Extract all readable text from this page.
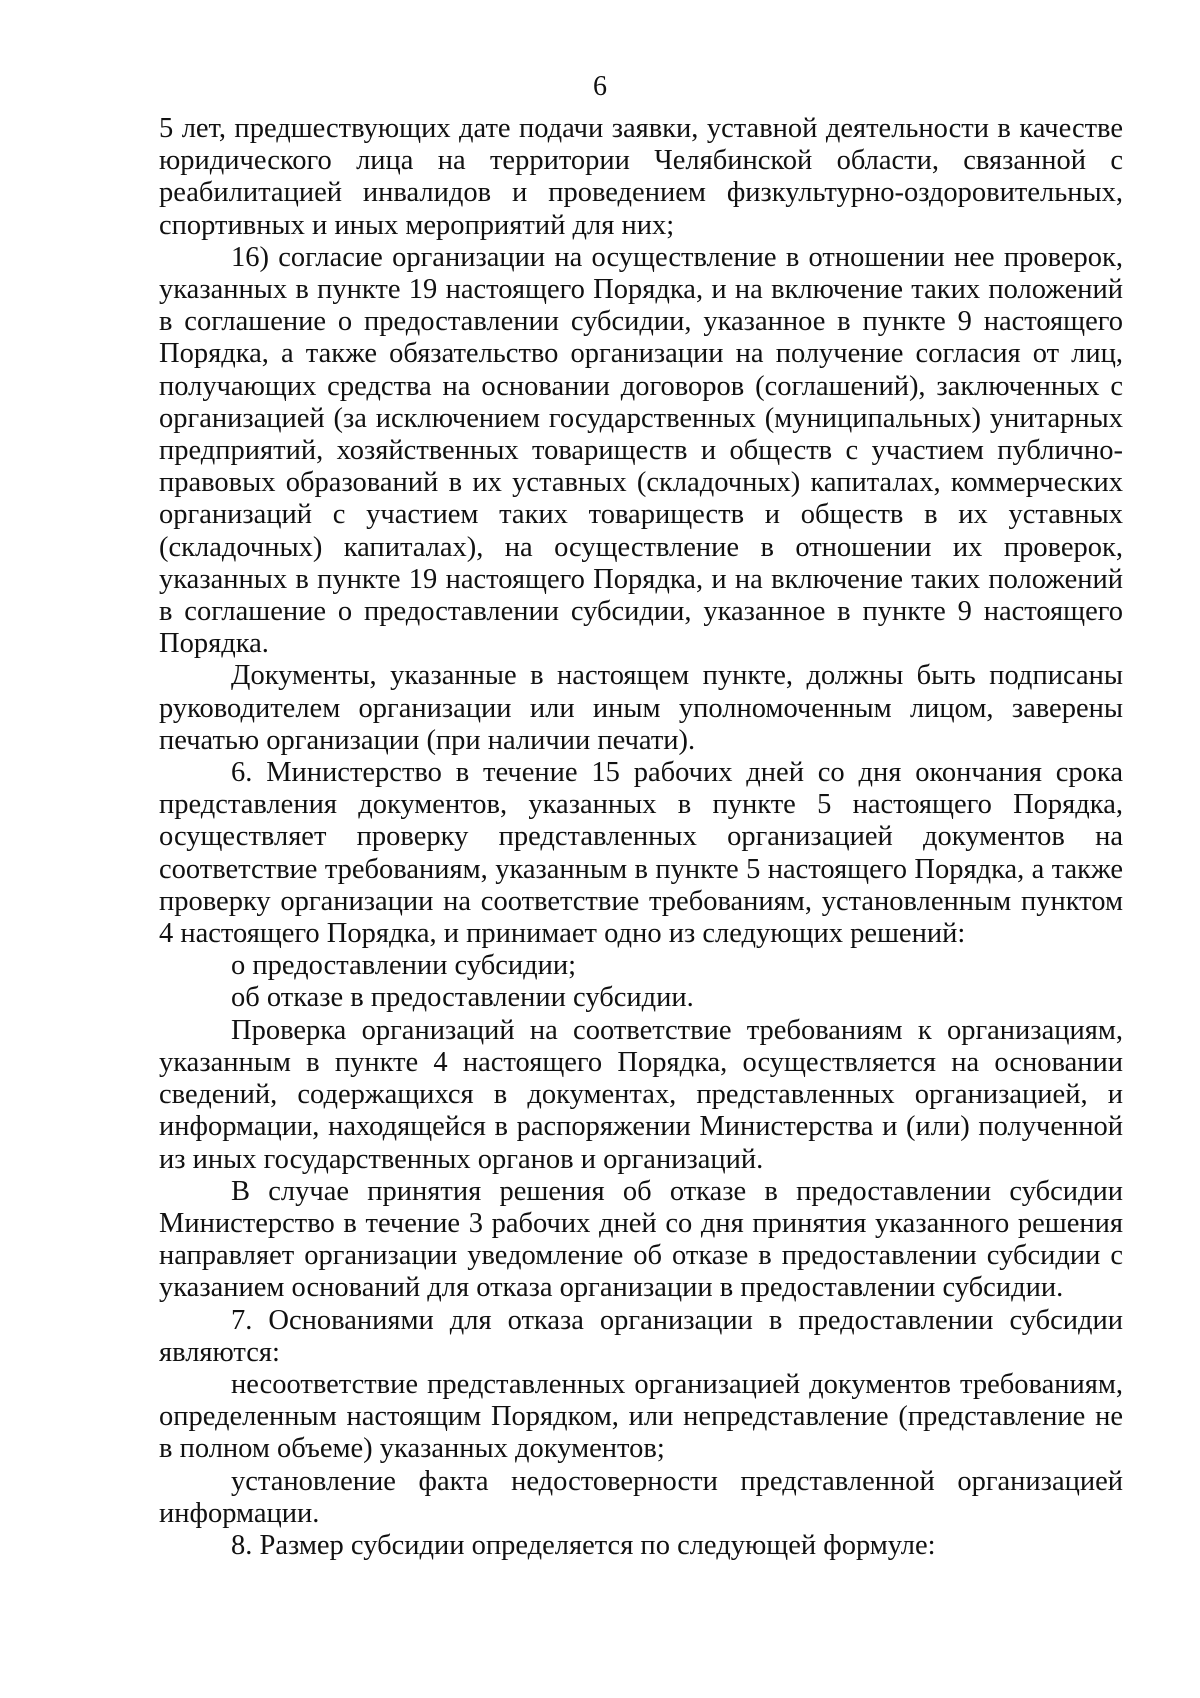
6

5 лет, предшествующих дате подачи заявки, уставной деятельности в качестве юридического лица на территории Челябинской области, связанной с реабилитацией инвалидов и проведением физкультурно-оздоровительных, спортивных и иных мероприятий для них;

16) согласие организации на осуществление в отношении нее проверок, указанных в пункте 19 настоящего Порядка, и на включение таких положений в соглашение о предоставлении субсидии, указанное в пункте 9 настоящего Порядка, а также обязательство организации на получение согласия от лиц, получающих средства на основании договоров (соглашений), заключенных с организацией (за исключением государственных (муниципальных) унитарных предприятий, хозяйственных товариществ и обществ с участием публично-правовых образований в их уставных (складочных) капиталах, коммерческих организаций с участием таких товариществ и обществ в их уставных (складочных) капиталах), на осуществление в отношении их проверок, указанных в пункте 19 настоящего Порядка, и на включение таких положений в соглашение о предоставлении субсидии, указанное в пункте 9 настоящего Порядка.

Документы, указанные в настоящем пункте, должны быть подписаны руководителем организации или иным уполномоченным лицом, заверены печатью организации (при наличии печати).

6. Министерство в течение 15 рабочих дней со дня окончания срока представления документов, указанных в пункте 5 настоящего Порядка, осуществляет проверку представленных организацией документов на соответствие требованиям, указанным в пункте 5 настоящего Порядка, а также проверку организации на соответствие требованиям, установленным пунктом 4 настоящего Порядка, и принимает одно из следующих решений:

о предоставлении субсидии;

об отказе в предоставлении субсидии.

Проверка организаций на соответствие требованиям к организациям, указанным в пункте 4 настоящего Порядка, осуществляется на основании сведений, содержащихся в документах, представленных организацией, и информации, находящейся в распоряжении Министерства и (или) полученной из иных государственных органов и организаций.

В случае принятия решения об отказе в предоставлении субсидии Министерство в течение 3 рабочих дней со дня принятия указанного решения направляет организации уведомление об отказе в предоставлении субсидии с указанием оснований для отказа организации в предоставлении субсидии.

7. Основаниями для отказа организации в предоставлении субсидии являются:

несоответствие представленных организацией документов требованиям, определенным настоящим Порядком, или непредставление (представление не в полном объеме) указанных документов;

установление факта недостоверности представленной организацией информации.

8. Размер субсидии определяется по следующей формуле:
